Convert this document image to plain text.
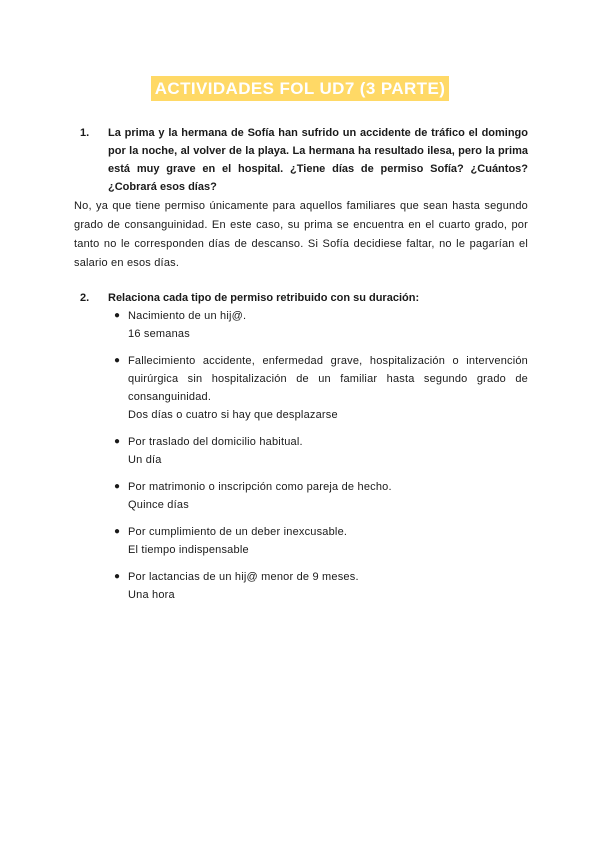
ACTIVIDADES FOL UD7 (3 PARTE)
1. La prima y la hermana de Sofía han sufrido un accidente de tráfico el domingo por la noche, al volver de la playa. La hermana ha resultado ilesa, pero la prima está muy grave en el hospital. ¿Tiene días de permiso Sofía? ¿Cuántos? ¿Cobrará esos días?
No, ya que tiene permiso únicamente para aquellos familiares que sean hasta segundo grado de consanguinidad. En este caso, su prima se encuentra en el cuarto grado, por tanto no le corresponden días de descanso. Si Sofía decidiese faltar, no le pagarían el salario en esos días.
2. Relaciona cada tipo de permiso retribuido con su duración:
● Nacimiento de un hij@.
16 semanas
● Fallecimiento accidente, enfermedad grave, hospitalización o intervención quirúrgica sin hospitalización de un familiar hasta segundo grado de consanguinidad.
Dos días o cuatro si hay que desplazarse
● Por traslado del domicilio habitual.
Un día
● Por matrimonio o inscripción como pareja de hecho.
Quince días
● Por cumplimiento de un deber inexcusable.
El tiempo indispensable
● Por lactancias de un hij@ menor de 9 meses.
Una hora
